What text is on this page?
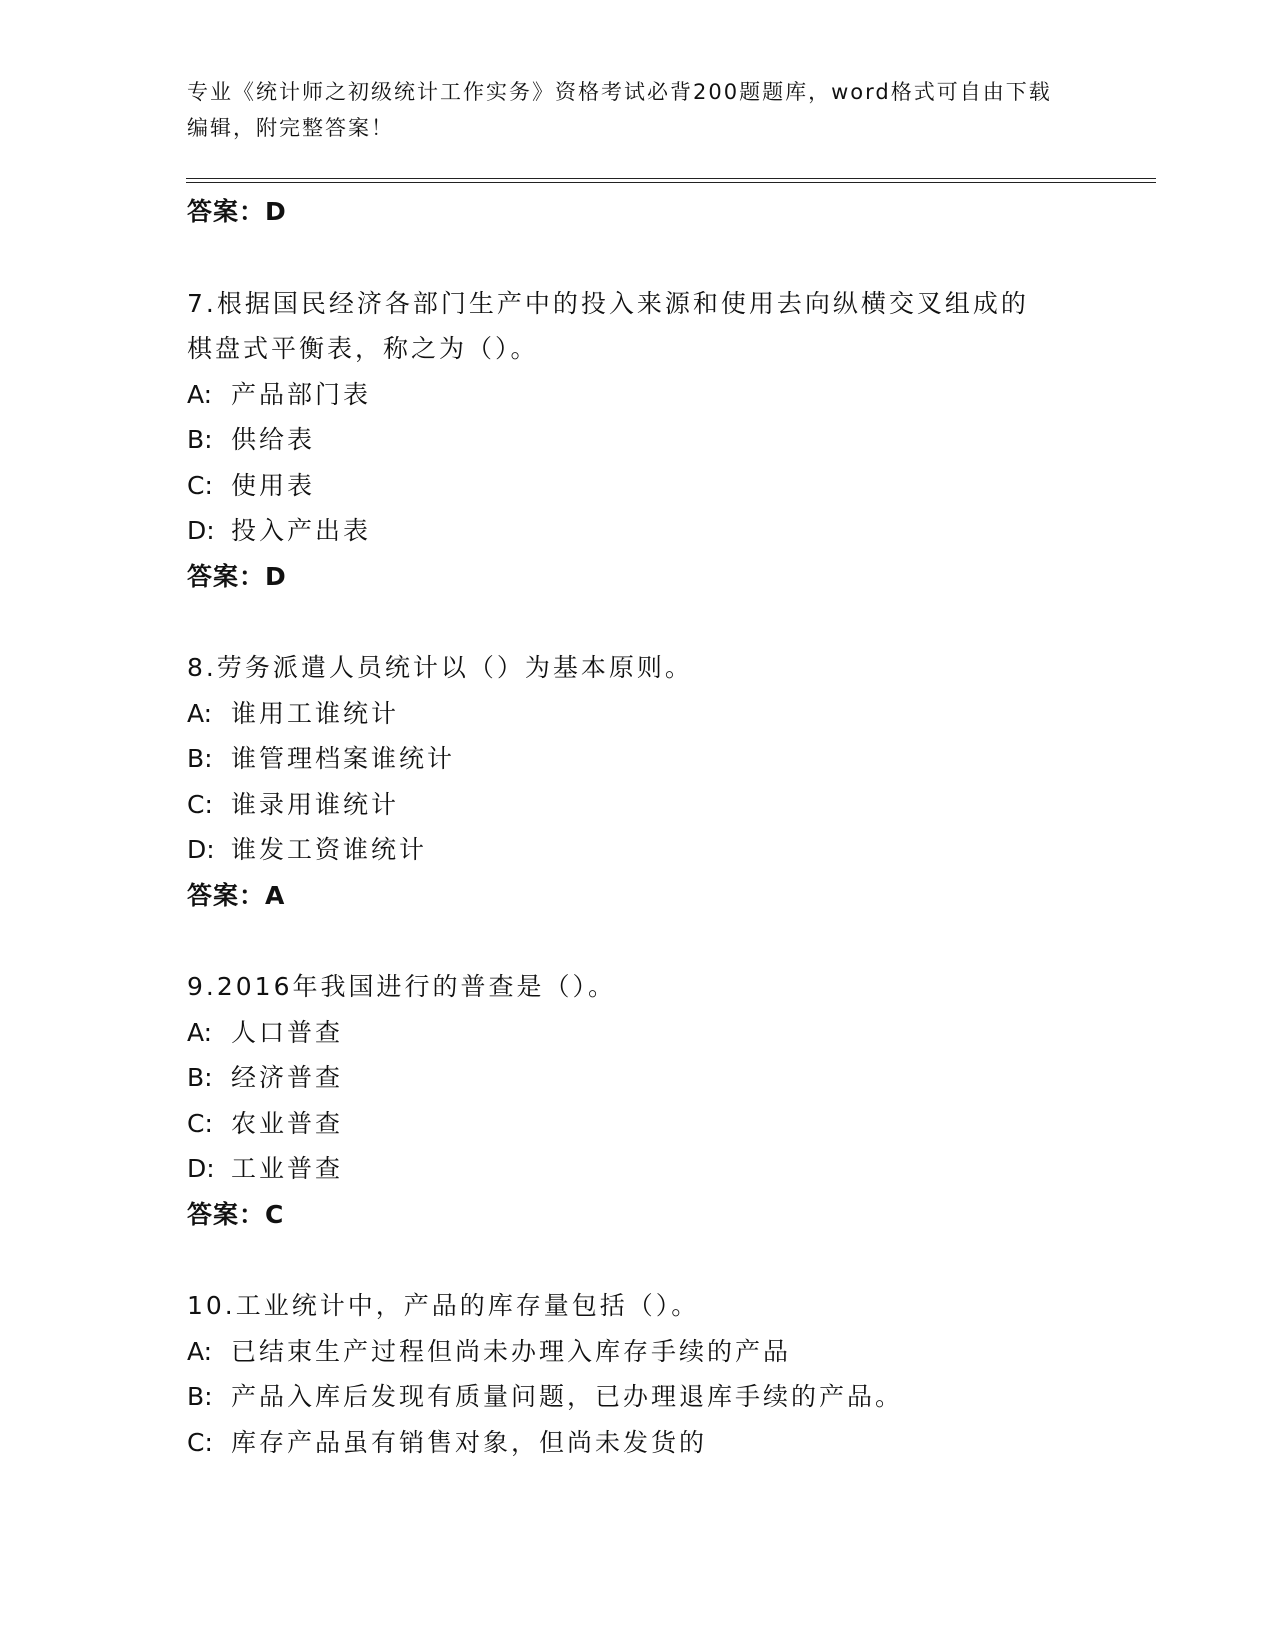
专业《统计师之初级统计工作实务》资格考试必背200题题库，word格式可自由下载编辑，附完整答案！
答案：D
7.根据国民经济各部门生产中的投入来源和使用去向纵横交叉组成的
棋盘式平衡表，称之为（）。
A: 产品部门表
B: 供给表
C: 使用表
D: 投入产出表
答案：D
8.劳务派遣人员统计以（）为基本原则。
A: 谁用工谁统计
B: 谁管理档案谁统计
C: 谁录用谁统计
D: 谁发工资谁统计
答案：A
9.2016年我国进行的普查是（）。
A: 人口普查
B: 经济普查
C: 农业普查
D: 工业普查
答案：C
10.工业统计中，产品的库存量包括（）。
A: 已结束生产过程但尚未办理入库存手续的产品
B: 产品入库后发现有质量问题，已办理退库手续的产品。
C: 库存产品虽有销售对象，但尚未发货的
